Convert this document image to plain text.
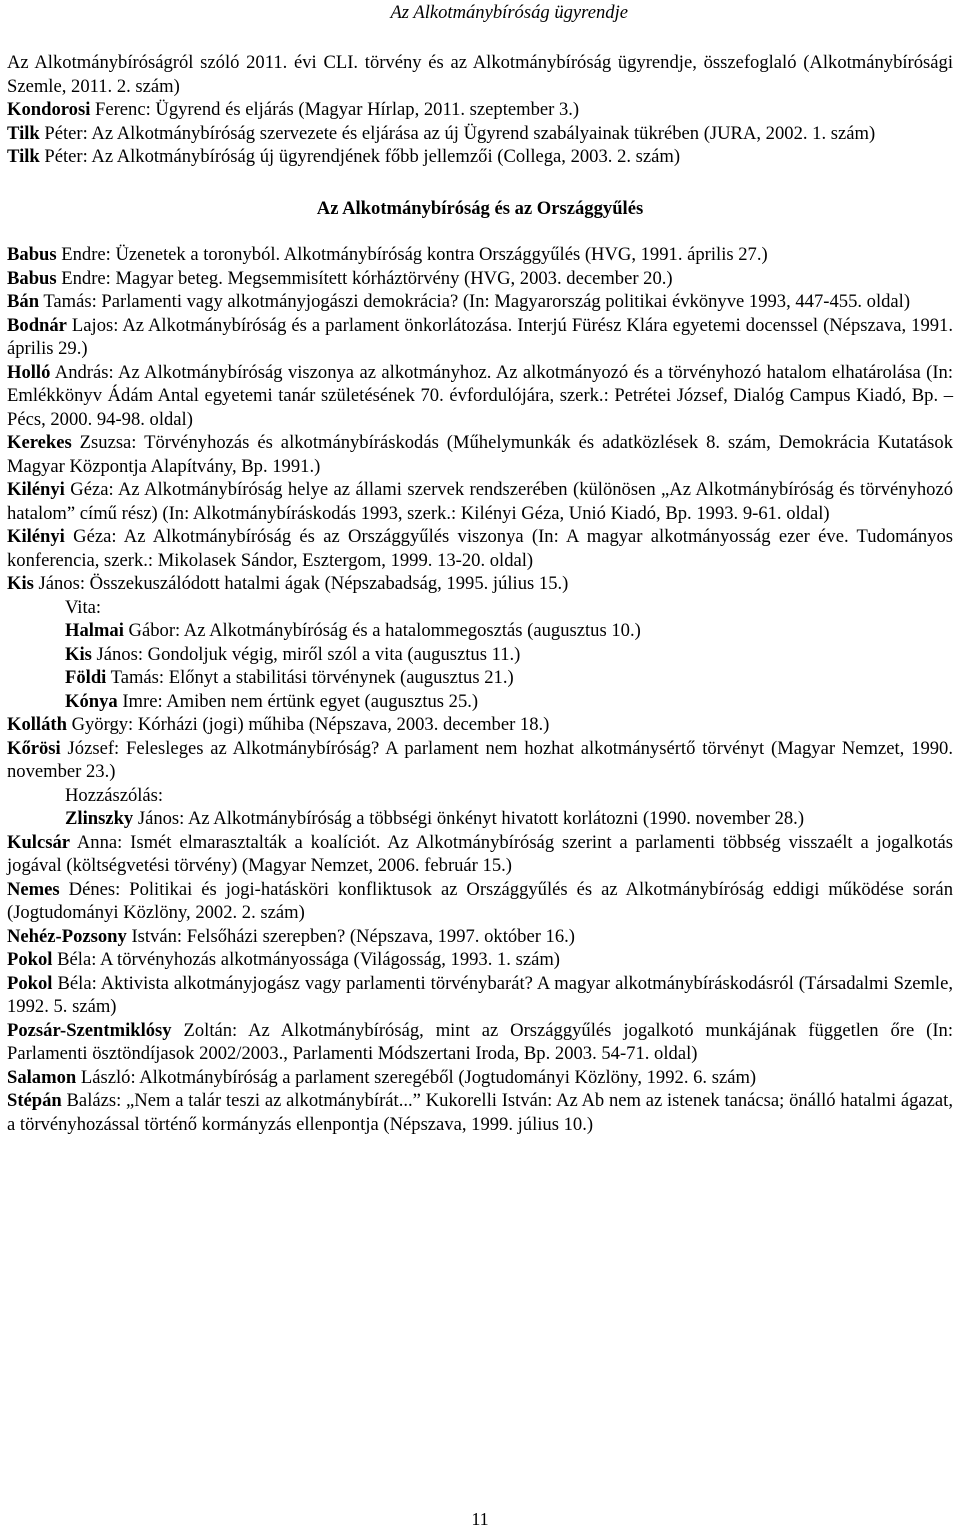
Az Alkotmánybíróság ügyrendje

Az Alkotmánybíróságról szóló 2011. évi CLI. törvény és az Alkotmánybíróság ügyrendje, összefoglaló (Alkotmánybírósági Szemle, 2011. 2. szám)

Kondorosi Ferenc: Ügyrend és eljárás (Magyar Hírlap, 2011. szeptember 3.)

Tilk Péter: Az Alkotmánybíróság szervezete és eljárása az új Ügyrend szabályainak tükrében (JURA, 2002. 1. szám)

Tilk Péter: Az Alkotmánybíróság új ügyrendjének főbb jellemzői (Collega, 2003. 2. szám)

Az Alkotmánybíróság és az Országgyűlés

Babus Endre: Üzenetek a toronyból. Alkotmánybíróság kontra Országgyűlés (HVG, 1991. április 27.)

Babus Endre: Magyar beteg. Megsemmisített kórháztörvény (HVG, 2003. december 20.)

Bán Tamás: Parlamenti vagy alkotmányjogászi demokrácia? (In: Magyarország politikai évkönyve 1993, 447-455. oldal)

Bodnár Lajos: Az Alkotmánybíróság és a parlament önkorlátozása. Interjú Fürész Klára egyetemi docenssel (Népszava, 1991. április 29.)

Holló András: Az Alkotmánybíróság viszonya az alkotmányhoz. Az alkotmányozó és a törvényhozó hatalom elhatárolása (In: Emlékkönyv Ádám Antal egyetemi tanár születésének 70. évfordulójára, szerk.: Petrétei József, Dialóg Campus Kiadó, Bp. – Pécs, 2000. 94-98. oldal)

Kerekes Zsuzsa: Törvényhozás és alkotmánybíráskodás (Műhelymunkák és adatközlések 8. szám, Demokrácia Kutatások Magyar Központja Alapítvány, Bp. 1991.)

Kilényi Géza: Az Alkotmánybíróság helye az állami szervek rendszerében (különösen „Az Alkotmánybíróság és törvényhozó hatalom” című rész) (In: Alkotmánybíráskodás 1993, szerk.: Kilényi Géza, Unió Kiadó, Bp. 1993. 9-61. oldal)

Kilényi Géza: Az Alkotmánybíróság és az Országgyűlés viszonya (In: A magyar alkotmányosság ezer éve. Tudományos konferencia, szerk.: Mikolasek Sándor, Esztergom, 1999. 13-20. oldal)

Kis János: Összekuszálódott hatalmi ágak (Népszabadság, 1995. július 15.)

Vita:

Halmai Gábor: Az Alkotmánybíróság és a hatalommegosztás (augusztus 10.)

Kis János: Gondoljuk végig, miről szól a vita (augusztus 11.)

Földi Tamás: Előnyt a stabilitási törvénynek (augusztus 21.)

Kónya Imre: Amiben nem értünk egyet (augusztus 25.)

Kolláth György: Kórházi (jogi) műhiba (Népszava, 2003. december 18.)

Kőrösi József: Felesleges az Alkotmánybíróság? A parlament nem hozhat alkotmánysértő törvényt (Magyar Nemzet, 1990. november 23.)

Hozzászólás:

Zlinszky János: Az Alkotmánybíróság a többségi önkényt hivatott korlátozni (1990. november 28.)

Kulcsár Anna: Ismét elmarasztalták a koalíciót. Az Alkotmánybíróság szerint a parlamenti többség visszaélt a jogalkotás jogával (költségvetési törvény) (Magyar Nemzet, 2006. február 15.)

Nemes Dénes: Politikai és jogi-hatásköri konfliktusok az Országgyűlés és az Alkotmánybíróság eddigi működése során (Jogtudományi Közlöny, 2002. 2. szám)

Nehéz-Pozsony István: Felsőházi szerepben? (Népszava, 1997. október 16.)

Pokol Béla: A törvényhozás alkotmányossága (Világosság, 1993. 1. szám)

Pokol Béla: Aktivista alkotmányjogász vagy parlamenti törvénybarát? A magyar alkotmánybíráskodásról (Társadalmi Szemle, 1992. 5. szám)

Pozsár-Szentmiklósy Zoltán: Az Alkotmánybíróság, mint az Országgyűlés jogalkotó munkájának független őre (In: Parlamenti ösztöndíjasok 2002/2003., Parlamenti Módszertani Iroda, Bp. 2003. 54-71. oldal)

Salamon László: Alkotmánybíróság a parlament szeregéből (Jogtudományi Közlöny, 1992. 6. szám)

Stépán Balázs: „Nem a talár teszi az alkotmánybírát...” Kukorelli István: Az Ab nem az istenek tanácsa; önálló hatalmi ágazat, a törvényhozással történő kormányzás ellenpontja (Népszava, 1999. július 10.)

11
